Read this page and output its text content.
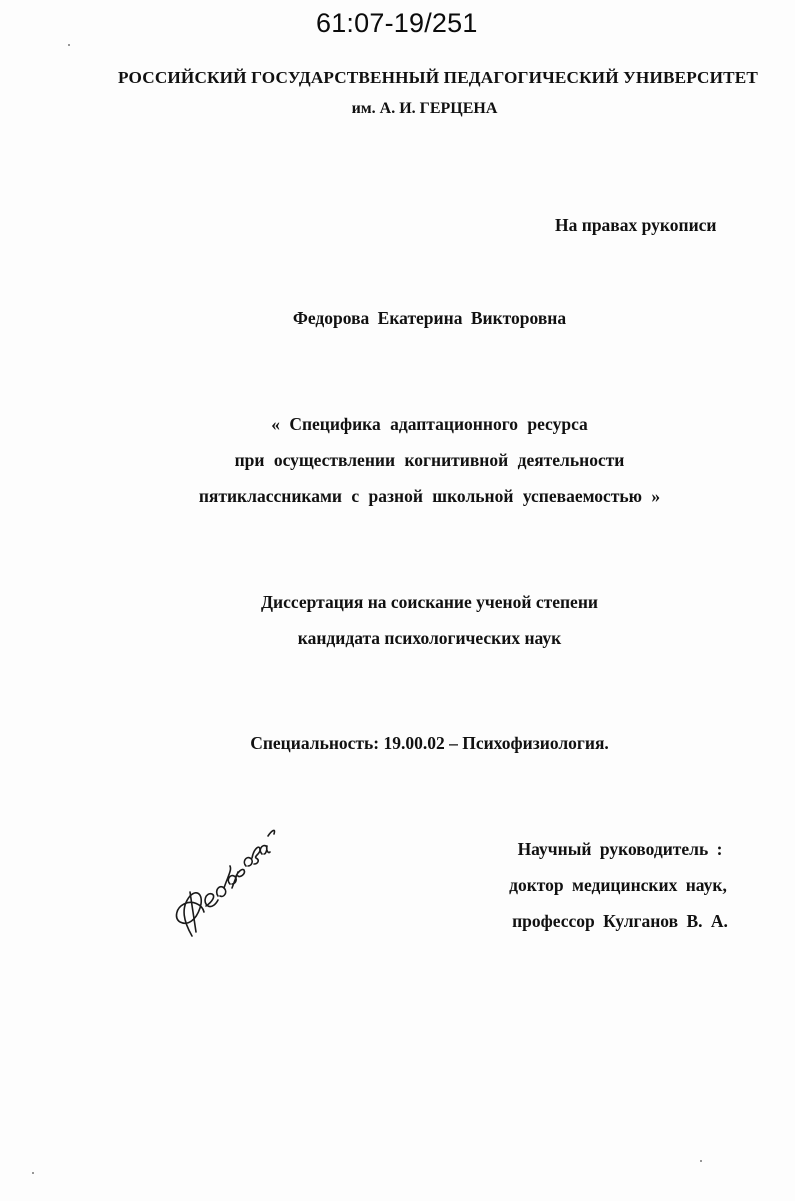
61:07-19/251
РОССИЙСКИЙ ГОСУДАРСТВЕННЫЙ ПЕДАГОГИЧЕСКИЙ УНИВЕРСИТЕТ
им. А. И. ГЕРЦЕНА
На правах рукописи
Федорова Екатерина Викторовна
« Специфика адаптационного ресурса
при осуществлении когнитивной деятельности
пятиклассниками с разной школьной успеваемостью »
Диссертация на соискание ученой степени
кандидата психологических наук
Специальность: 19.00.02 – Психофизиология.
Научный руководитель :
доктор медицинских наук,
профессор Кулганов В. А.
